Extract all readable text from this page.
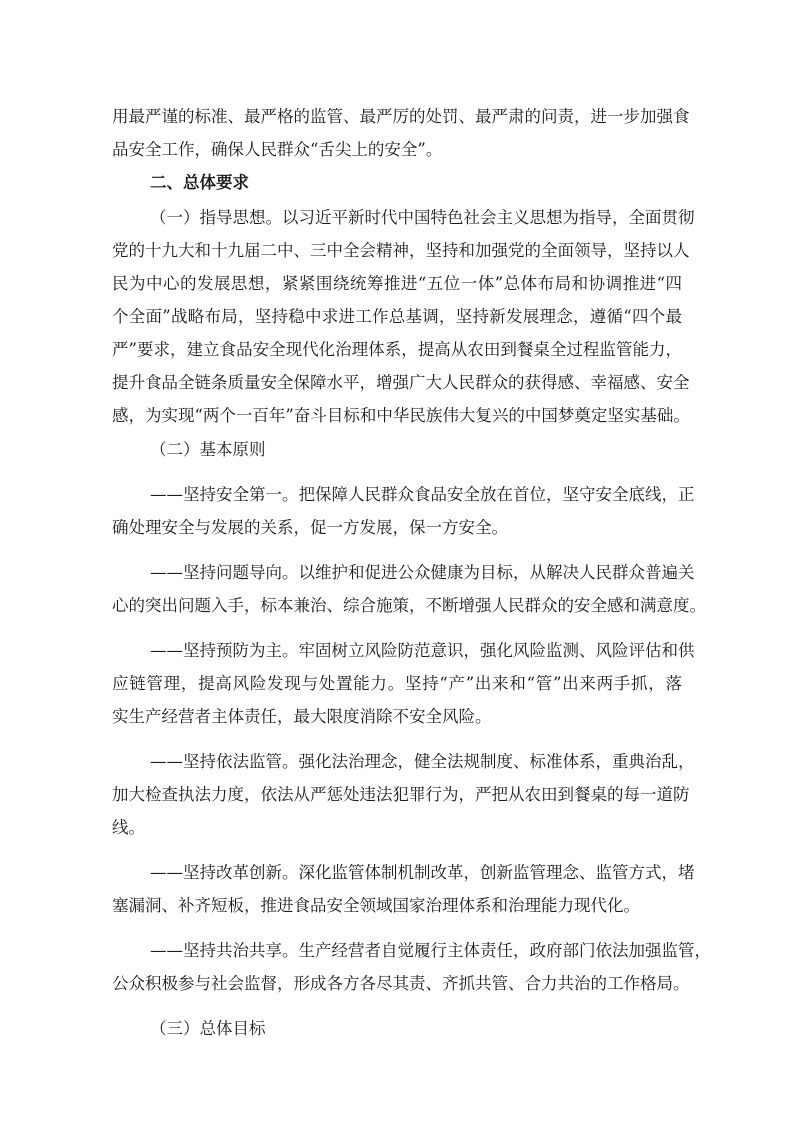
用最严谨的标准、最严格的监管、最严厉的处罚、最严肃的问责，进一步加强食
品安全工作，确保人民群众“舌尖上的安全”。
二、总体要求
（一）指导思想。以习近平新时代中国特色社会主义思想为指导，全面贯彻
党的十九大和十九届二中、三中全会精神，坚持和加强党的全面领导，坚持以人
民为中心的发展思想，紧紧围绕统筹推进“五位一体”总体布局和协调推进“四
个全面”战略布局，坚持稳中求进工作总基调，坚持新发展理念，遵循“四个最
严”要求，建立食品安全现代化治理体系，提高从农田到餐桌全过程监管能力，
提升食品全链条质量安全保障水平，增强广大人民群众的获得感、幸福感、安全
感，为实现“两个一百年”奋斗目标和中华民族伟大复兴的中国梦奠定坚实基础。
（二）基本原则
——坚持安全第一。把保障人民群众食品安全放在首位，坚守安全底线，正
确处理安全与发展的关系，促一方发展，保一方安全。
——坚持问题导向。以维护和促进公众健康为目标，从解决人民群众普遍关
心的突出问题入手，标本兼治、综合施策，不断增强人民群众的安全感和满意度。
——坚持预防为主。牢固树立风险防范意识，强化风险监测、风险评估和供
应链管理，提高风险发现与处置能力。坚持“产”出来和“管”出来两手抓，落
实生产经营者主体责任，最大限度消除不安全风险。
——坚持依法监管。强化法治理念，健全法规制度、标准体系，重典治乱，
加大检查执法力度，依法从严惩处违法犯罪行为，严把从农田到餐桌的每一道防
线。
——坚持改革创新。深化监管体制机制改革，创新监管理念、监管方式，堵
塞漏洞、补齐短板，推进食品安全领域国家治理体系和治理能力现代化。
——坚持共治共享。生产经营者自觉履行主体责任，政府部门依法加强监管，
公众积极参与社会监督，形成各方各尽其责、齐抓共管、合力共治的工作格局。
（三）总体目标
